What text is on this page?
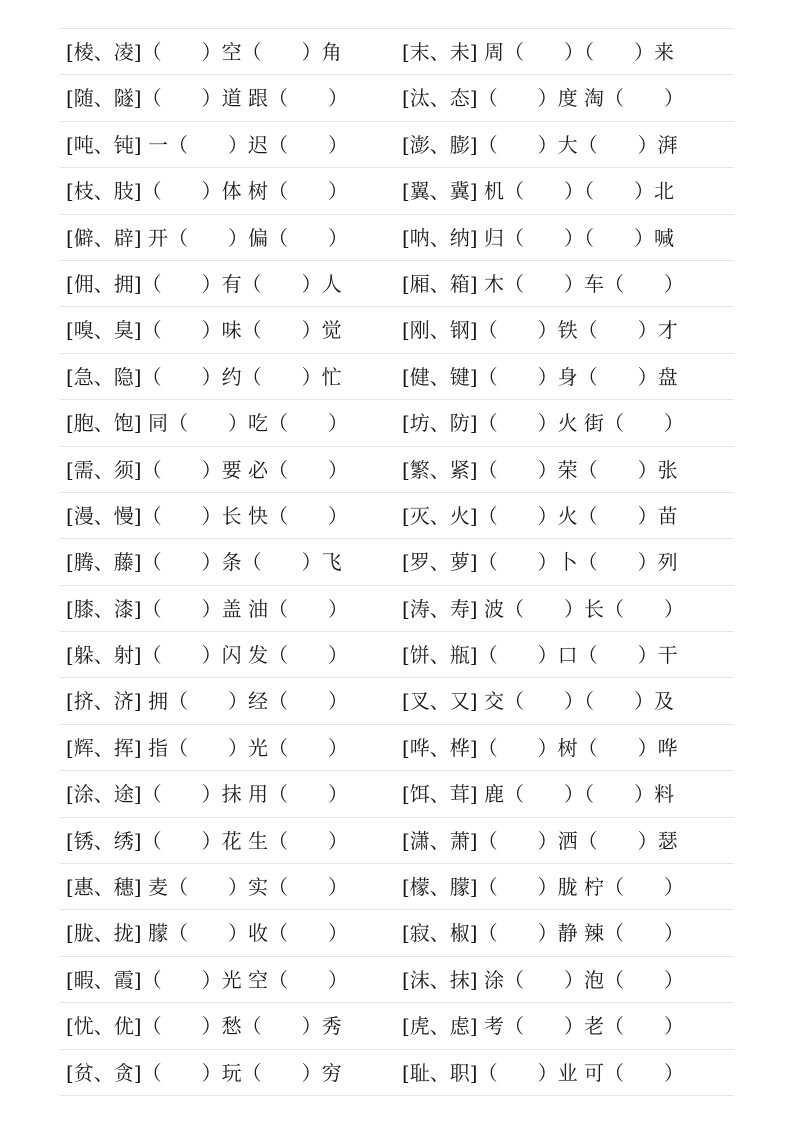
[棱、凌]（　　）空（　　）角	[末、未] 周（　　）（　　）来
[随、隧]（　　）道 跟（　　）	[汰、态]（　　）度 淘（　　）
[吨、钝] 一（　　）迟（　　）	[澎、膨]（　　）大（　　）湃
[枝、肢]（　　）体 树（　　）	[翼、冀] 机（　　）（　　）北
[僻、辟] 开（　　）偏（　　）	[呐、纳] 归（　　）（　　）喊
[佣、拥]（　　）有（　　）人	[厢、箱] 木（　　）车（　　）
[嗅、臭]（　　）味（　　）觉	[刚、钢]（　　）铁（　　）才
[急、隐]（　　）约（　　）忙	[健、键]（　　）身（　　）盘
[胞、饱] 同（　　）吃（　　）	[坊、防]（　　）火 街（　　）
[需、须]（　　）要 必（　　）	[繁、紧]（　　）荣（　　）张
[漫、慢]（　　）长 快（　　）	[灭、火]（　　）火（　　）苗
[腾、藤]（　　）条（　　）飞	[罗、萝]（　　）卜（　　）列
[膝、漆]（　　）盖 油（　　）	[涛、寿] 波（　　）长（　　）
[躲、射]（　　）闪 发（　　）	[饼、瓶]（　　）口（　　）干
[挤、济] 拥（　　）经（　　）	[叉、又] 交（　　）（　　）及
[辉、挥] 指（　　）光（　　）	[哗、桦]（　　）树（　　）哗
[涂、途]（　　）抹 用（　　）	[饵、茸] 鹿（　　）（　　）料
[锈、绣]（　　）花 生（　　）	[潇、萧]（　　）洒（　　）瑟
[惠、穗] 麦（　　）实（　　）	[檬、朦]（　　）胧 柠（　　）
[胧、拢] 朦（　　）收（　　）	[寂、椒]（　　）静 辣（　　）
[暇、霞]（　　）光 空（　　）	[沫、抹] 涂（　　）泡（　　）
[忧、优]（　　）愁（　　）秀	[虎、虑] 考（　　）老（　　）
[贫、贪]（　　）玩（　　）穷	[耻、职]（　　）业 可（　　）
